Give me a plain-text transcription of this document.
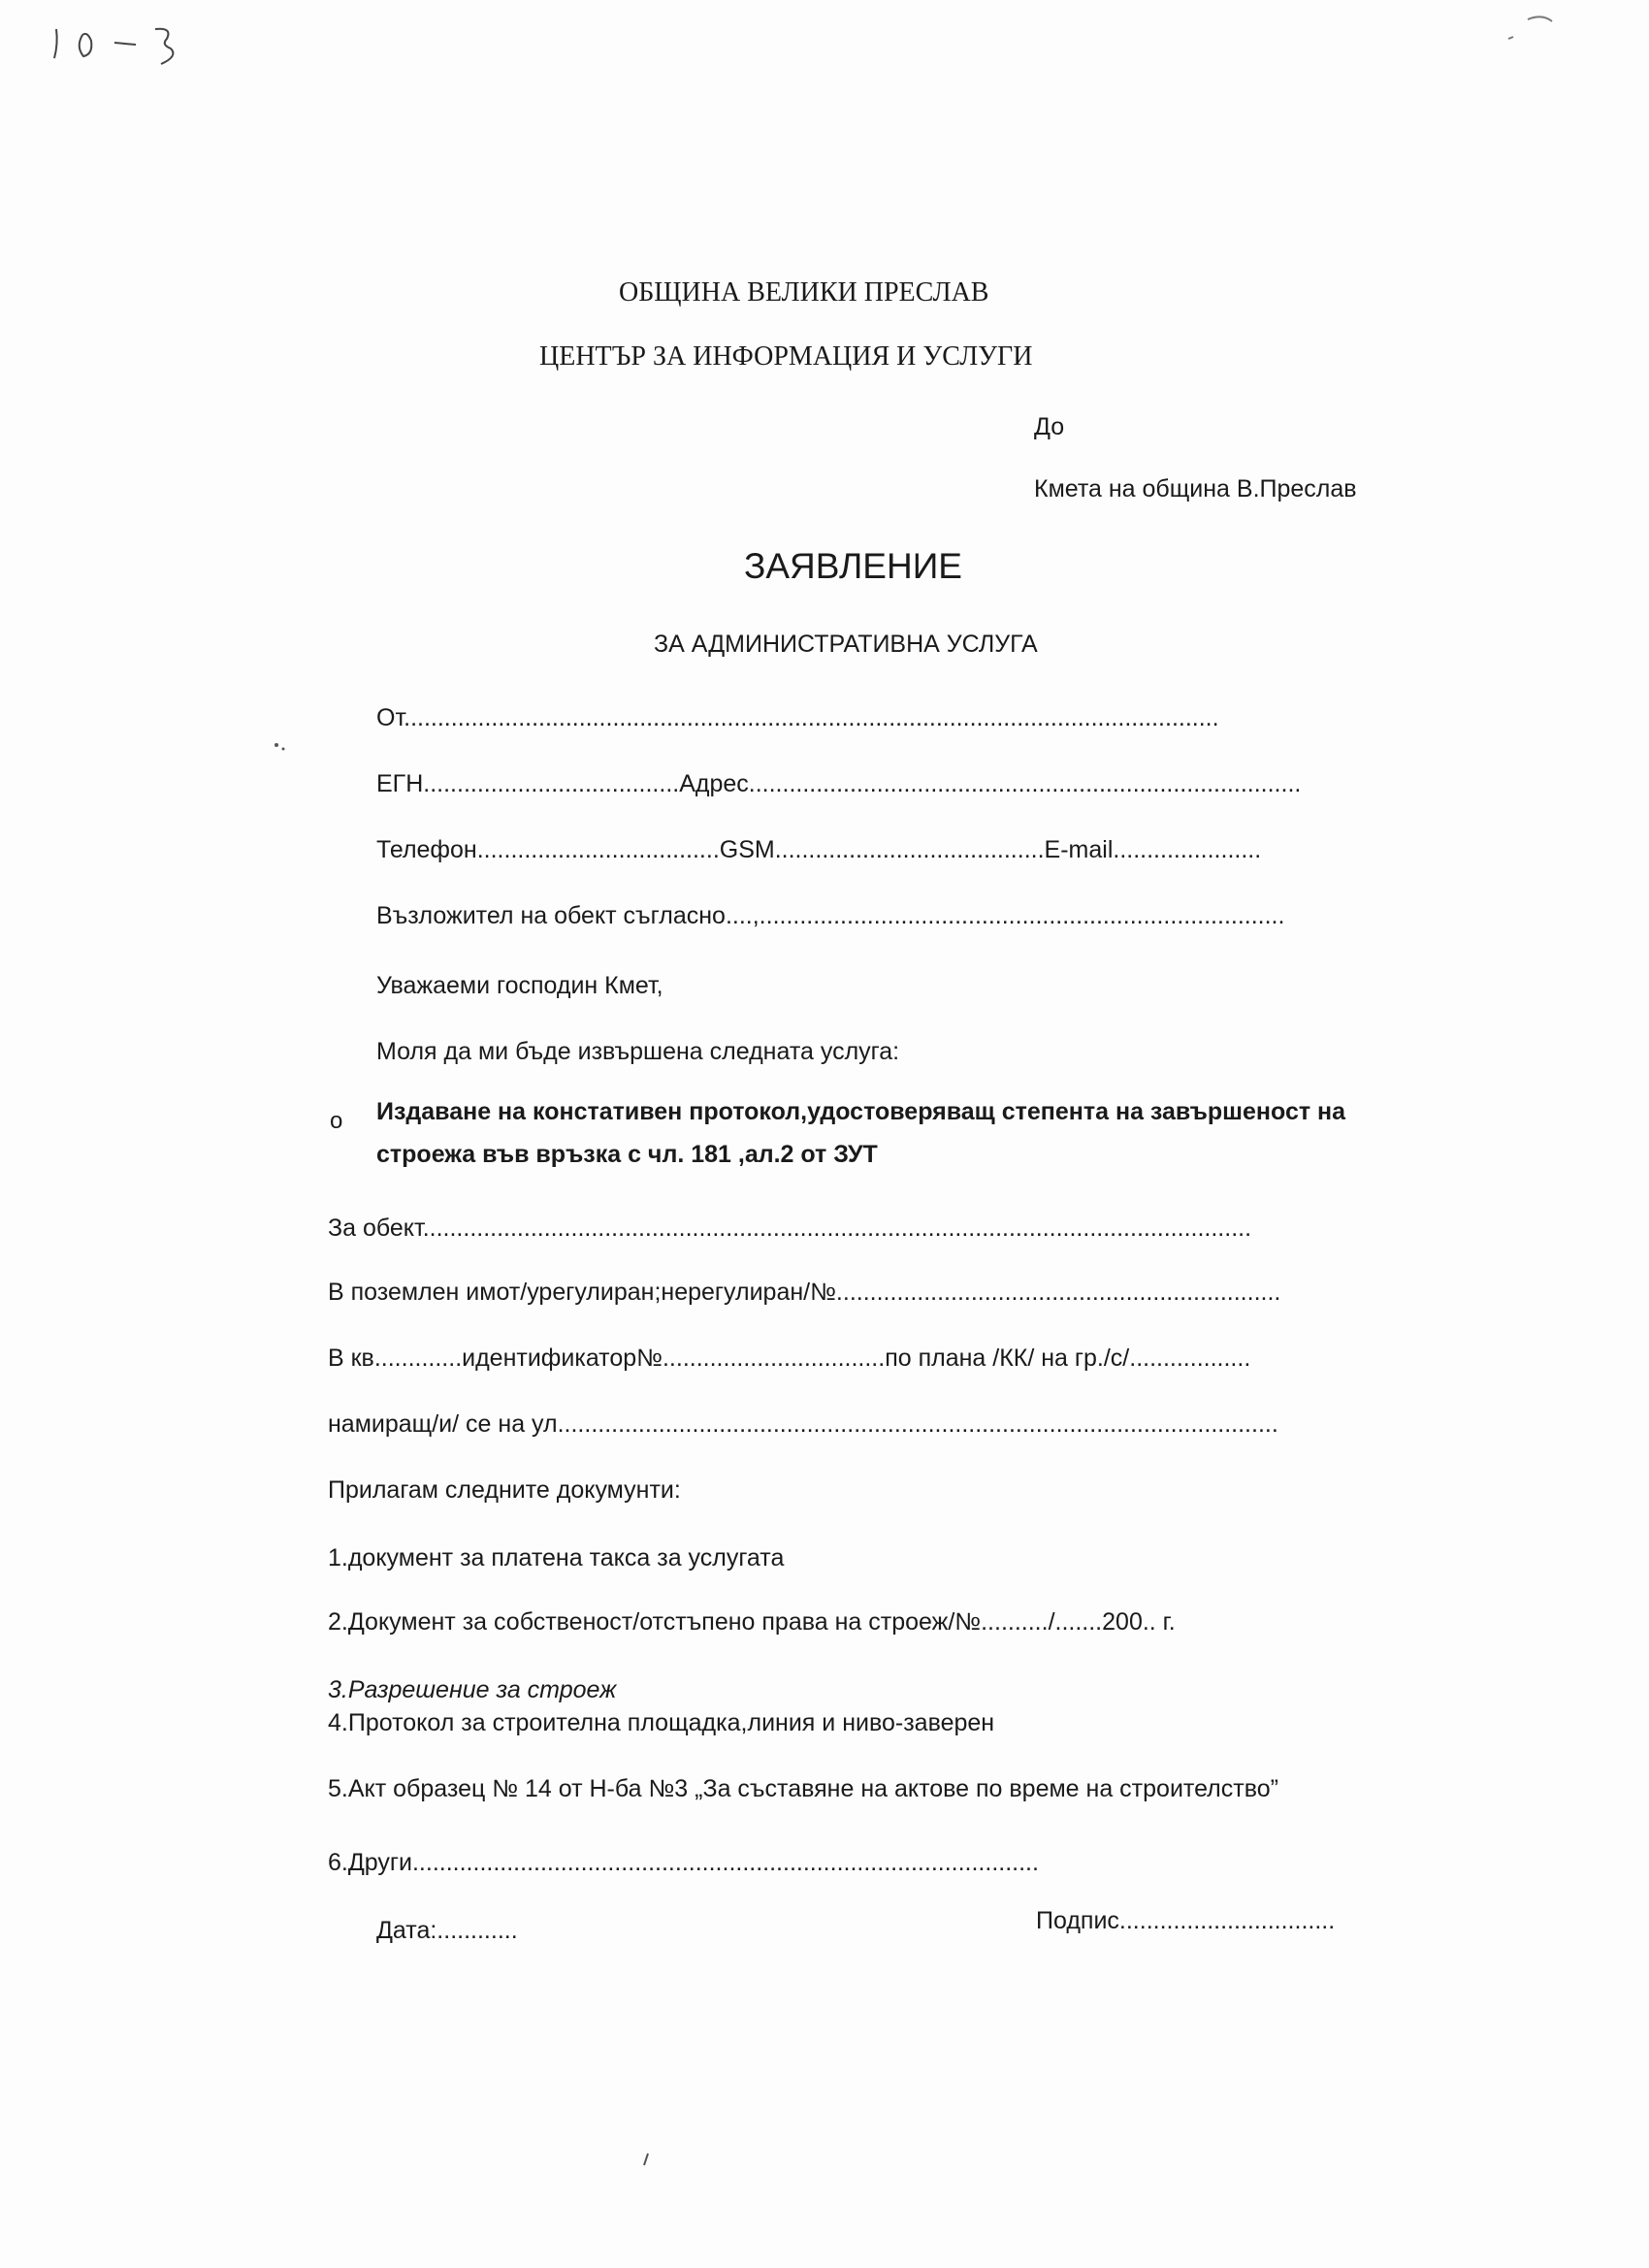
ОБЩИНА ВЕЛИКИ ПРЕСЛАВ
ЦЕНТЪР ЗА ИНФОРМАЦИЯ И УСЛУГИ
До
Кмета на община В.Преслав
ЗАЯВЛЕНИЕ
ЗА АДМИНИСТРАТИВНА УСЛУГА
От.........................................................................................................................
ЕГН......................................Адрес..................................................................................
Телефон....................................GSM........................................E-mail......................
Възложител на обект съгласно....,..............................................................................
Уважаеми господин Кмет,
Моля да ми бъде извършена следната услуга:
o Издаване на констативен протокол,удостоверяващ степента на завършеност на
строежа във връзка с чл. 181 ,ал.2 от ЗУТ
За обект...........................................................................................................................
В поземлен имот/урегулиран;нерегулиран/№..................................................................
В кв.............идентификатор№.................................по плана /КК/ на гр./с/..................
намиращ/и/ се на ул...........................................................................................................
Прилагам следните докумунти:
1.документ за платена такса за услугата
2.Документ за собственост/отстъпено права на строеж/№........../.......200.. г.
3.Разрешение за строеж
4.Протокол за строителна площадка,линия и ниво-заверен
5.Акт образец № 14 от Н-ба №3 „За съставяне на актове по време на строителство”
6.Други.............................................................................................
Дата:............	Подпис................................
